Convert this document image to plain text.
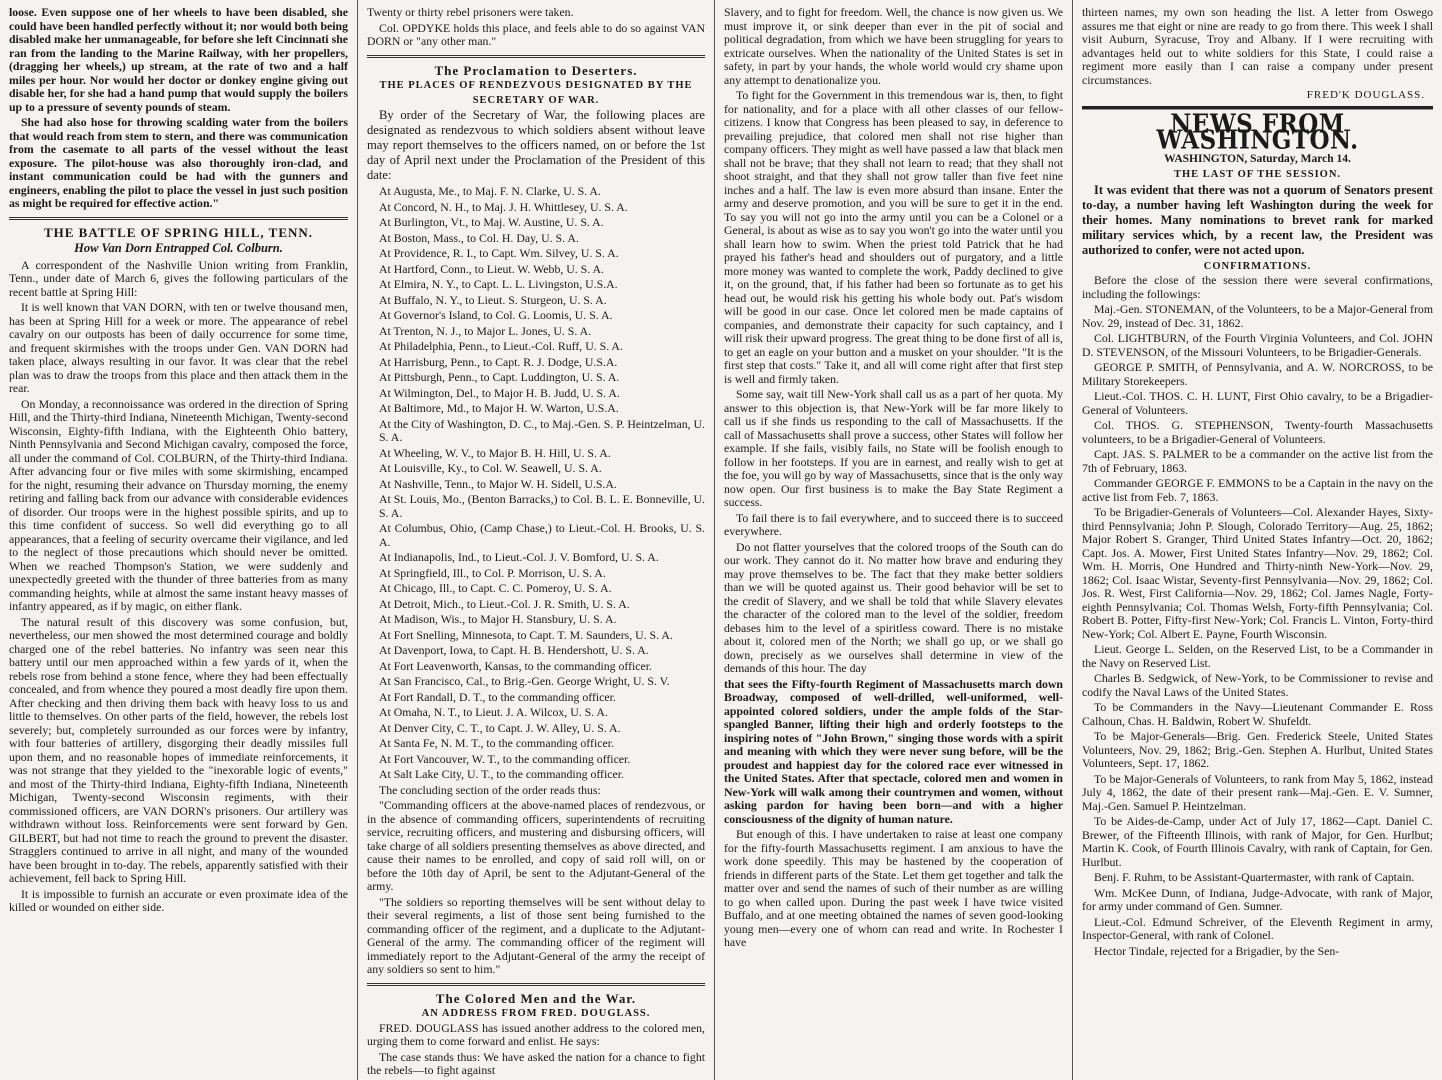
loose. Even suppose one of her wheels to have been disabled, she could have been handled perfectly without it; nor would both being disabled make her unmanageable, for before she left Cincinnati she ran from the landing to the Marine Railway, with her propellers, (dragging her wheels,) up stream, at the rate of two and a half miles per hour. Nor would her doctor or donkey engine giving out disable her, for she had a hand pump that would supply the boilers up to a pressure of seventy pounds of steam.

She had also hose for throwing scalding water from the boilers that would reach from stem to stern, and there was communication from the casemate to all parts of the vessel without the least exposure. The pilot-house was also thoroughly iron-clad, and instant communication could be had with the gunners and engineers, enabling the pilot to place the vessel in just such position as might be required for effective action."

THE BATTLE OF SPRING HILL, TENN.
How Van Dorn Entrapped Col. Colburn.

A correspondent of the Nashville Union writing from Franklin, Tenn., under date of March 6, gives the following particulars of the recent battle at Spring Hill:

It is well known that VAN DORN, with ten or twelve thousand men, has been at Spring Hill for a week or more. The appearance of rebel cavalry on our outposts has been of daily occurrence for some time, and frequent skirmishes with the troops under Gen. VAN DORN had taken place, always resulting in our favor. It was clear that the rebel plan was to draw the troops from this place and then attack them in the rear.

On Monday, a reconnoissance was ordered in the direction of Spring Hill, and the Thirty-third Indiana, Nineteenth Michigan, Twenty-second Wisconsin, Eighty-fifth Indiana, with the Eighteenth Ohio battery, Ninth Pennsylvania and Second Michigan cavalry, composed the force, all under the command of Col. COLBURN, of the Thirty-third Indiana. After advancing four or five miles with some skirmishing, encamped for the night, resuming their advance on Thursday morning, the enemy retiring and falling back from our advance with considerable evidences of disorder. Our troops were in the highest possible spirits, and up to this time confident of success. So well did everything go to all appearances, that a feeling of security overcame their vigilance, and led to the neglect of those precautions which should never be omitted. When we reached Thompson's Station, we were suddenly and unexpectedly greeted with the thunder of three batteries from as many commanding heights, while at almost the same instant heavy masses of infantry appeared, as if by magic, on either flank.

The natural result of this discovery was some confusion, but, nevertheless, our men showed the most determined courage and boldly charged one of the rebel batteries. No infantry was seen near this battery until our men approached within a few yards of it, when the rebels rose from behind a stone fence, where they had been effectually concealed, and from whence they poured a most deadly fire upon them. After checking and then driving them back with heavy loss to us and little to themselves. On other parts of the field, however, the rebels lost severely; but, completely surrounded as our forces were by infantry, with four batteries of artillery, disgorging their deadly missiles full upon them, and no reasonable hopes of immediate reinforcements, it was not strange that they yielded to the "inexorable logic of events," and most of the Thirty-third Indiana, Eighty-fifth Indiana, Nineteenth Michigan, Twenty-second Wisconsin regiments, with their commissioned officers, are VAN DORN's prisoners. Our artillery was withdrawn without loss. Reinforcements were sent forward by Gen. GILBERT, but had not time to reach the ground to prevent the disaster. Stragglers continued to arrive in all night, and many of the wounded have been brought in to-day. The rebels, apparently satisfied with their achievement, fell back to Spring Hill.

It is impossible to furnish an accurate or even proximate idea of the killed or wounded on either side.

Twenty or thirty rebel prisoners were taken.

Col. OPDYKE holds this place, and feels able to do so against VAN DORN or "any other man."

The Proclamation to Deserters.
THE PLACES OF RENDEZVOUS DESIGNATED BY THE
SECRETARY OF WAR.

By order of the Secretary of War, the following places are designated as rendezvous to which soldiers absent without leave may report themselves to the officers named, on or before the 1st day of April next under the Proclamation of the President of this date:

At Augusta, Me., to Maj. F. N. Clarke, U. S. A.

At Concord, N. H., to Maj. J. H. Whittlesey, U. S. A.

At Burlington, Vt., to Maj. W. Austine, U. S. A.

At Boston, Mass., to Col. H. Day, U. S. A.

At Providence, R. I., to Capt. Wm. Silvey, U. S. A.

At Hartford, Conn., to Lieut. W. Webb, U. S. A.

At Elmira, N. Y., to Capt. L. L. Livingston, U.S.A.

At Buffalo, N. Y., to Lieut. S. Sturgeon, U. S. A.

At Governor's Island, to Col. G. Loomis, U. S. A.

At Trenton, N. J., to Major L. Jones, U. S. A.

At Philadelphia, Penn., to Lieut.-Col. Ruff, U. S. A.

At Harrisburg, Penn., to Capt. R. J. Dodge, U.S.A.

At Pittsburgh, Penn., to Capt. Luddington, U. S. A.

At Wilmington, Del., to Major H. B. Judd, U. S. A.

At Baltimore, Md., to Major H. W. Warton, U.S.A.

At the City of Washington, D. C., to Maj.-Gen. S. P. Heintzelman, U. S. A.

At Wheeling, W. V., to Major B. H. Hill, U. S. A.

At Louisville, Ky., to Col. W. Seawell, U. S. A.

At Nashville, Tenn., to Major W. H. Sidell, U.S.A.

At St. Louis, Mo., (Benton Barracks,) to Col. B. L. E. Bonneville, U. S. A.

At Columbus, Ohio, (Camp Chase,) to Lieut.-Col. H. Brooks, U. S. A.

At Indianapolis, Ind., to Lieut.-Col. J. V. Bomford, U. S. A.

At Springfield, Ill., to Col. P. Morrison, U. S. A.

At Chicago, Ill., to Capt. C. C. Pomeroy, U. S. A.

At Detroit, Mich., to Lieut.-Col. J. R. Smith, U. S. A.

At Madison, Wis., to Major H. Stansbury, U. S. A.

At Fort Snelling, Minnesota, to Capt. T. M. Saunders, U. S. A.

At Davenport, Iowa, to Capt. H. B. Hendershott, U. S. A.

At Fort Leavenworth, Kansas, to the commanding officer.

At San Francisco, Cal., to Brig.-Gen. George Wright, U. S. V.

At Fort Randall, D. T., to the commanding officer.

At Omaha, N. T., to Lieut. J. A. Wilcox, U. S. A.

At Denver City, C. T., to Capt. J. W. Alley, U. S. A.

At Santa Fe, N. M. T., to the commanding officer.

At Fort Vancouver, W. T., to the commanding officer.

At Salt Lake City, U. T., to the commanding officer.

The concluding section of the order reads thus:

"Commanding officers at the above-named places of rendezvous, or in the absence of commanding officers, superintendents of recruiting service, recruiting officers, and mustering and disbursing officers, will take charge of all soldiers presenting themselves as above directed, and cause their names to be enrolled, and copy of said roll will, on or before the 10th day of April, be sent to the Adjutant-General of the army.

"The soldiers so reporting themselves will be sent without delay to their several regiments, a list of those sent being furnished to the commanding officer of the regiment, and a duplicate to the Adjutant-General of the army. The commanding officer of the regiment will immediately report to the Adjutant-General of the army the receipt of any soldiers so sent to him."

The Colored Men and the War.
AN ADDRESS FROM FRED. DOUGLASS.

FRED. DOUGLASS has issued another address to the colored men, urging them to come forward and enlist. He says:

The case stands thus: We have asked the nation for a chance to fight the rebels—to fight against

Slavery, and to fight for freedom. Well, the chance is now given us. We must improve it, or sink deeper than ever in the pit of social and political degradation, from which we have been struggling for years to extricate ourselves. When the nationality of the United States is set in safety, in part by your hands, the whole world would cry shame upon any attempt to denationalize you.

To fight for the Government in this tremendous war is, then, to fight for nationality, and for a place with all other classes of our fellow-citizens. I know that Congress has been pleased to say, in deference to prevailing prejudice, that colored men shall not rise higher than company officers. They might as well have passed a law that black men shall not be brave; that they shall not learn to read; that they shall not shoot straight, and that they shall not grow taller than five feet nine inches and a half. The law is even more absurd than insane. Enter the army and deserve promotion, and you will be sure to get it in the end. To say you will not go into the army until you can be a Colonel or a General, is about as wise as to say you won't go into the water until you shall learn how to swim. When the priest told Patrick that he had prayed his father's head and shoulders out of purgatory, and a little more money was wanted to complete the work, Paddy declined to give it, on the ground, that, if his father had been so fortunate as to get his head out, he would risk his getting his whole body out. Pat's wisdom will be good in our case. Once let colored men be made captains of companies, and demonstrate their capacity for such captaincy, and I will risk their upward progress. The great thing to be done first of all is, to get an eagle on your button and a musket on your shoulder. "It is the first step that costs." Take it, and all will come right after that first step is well and firmly taken.

Some say, wait till New-York shall call us as a part of her quota. My answer to this objection is, that New-York will be far more likely to call us if she finds us responding to the call of Massachusetts. If the call of Massachusetts shall prove a success, other States will follow her example. If she fails, visibly fails, no State will be foolish enough to follow in her footsteps. If you are in earnest, and really wish to get at the foe, you will go by way of Massachusetts, since that is the only way now open. Our first business is to make the Bay State Regiment a success.

To fail there is to fail everywhere, and to succeed there is to succeed everywhere.

Do not flatter yourselves that the colored troops of the South can do our work. They cannot do it. No matter how brave and enduring they may prove themselves to be. The fact that they make better soldiers than we will be quoted against us. Their good behavior will be set to the credit of Slavery, and we shall be told that while Slavery elevates the character of the colored man to the level of the soldier, freedom debases him to the level of a spiritless coward. There is no mistake about it, colored men of the North; we shall go up, or we shall go down, precisely as we ourselves shall determine in view of the demands of this hour. The day

that sees the Fifty-fourth Regiment of Massachusetts march down Broadway, composed of well-drilled, well-uniformed, well-appointed colored soldiers, under the ample folds of the Star-spangled Banner, lifting their high and orderly footsteps to the inspiring notes of "John Brown," singing those words with a spirit and meaning with which they were never sung before, will be the proudest and happiest day for the colored race ever witnessed in the United States. After that spectacle, colored men and women in New-York will walk among their countrymen and women, without asking pardon for having been born—and with a higher consciousness of the dignity of human nature.

But enough of this. I have undertaken to raise at least one company for the fifty-fourth Massachusetts regiment. I am anxious to have the work done speedily. This may be hastened by the cooperation of friends in different parts of the State. Let them get together and talk the matter over and send the names of such of their number as are willing to go when called upon. During the past week I have twice visited Buffalo, and at one meeting obtained the names of seven good-looking young men—every one of whom can read and write. In Rochester I have

thirteen names, my own son heading the list. A letter from Oswego assures me that eight or nine are ready to go from there. This week I shall visit Auburn, Syracuse, Troy and Albany. If I were recruiting with advantages held out to white soldiers for this State, I could raise a regiment more easily than I can raise a company under present circumstances.

FRED'K DOUGLASS.
NEWS FROM WASHINGTON.
WASHINGTON, Saturday, March 14.
THE LAST OF THE SESSION.

It was evident that there was not a quorum of Senators present to-day, a number having left Washington during the week for their homes. Many nominations to brevet rank for marked military services which, by a recent law, the President was authorized to confer, were not acted upon.

CONFIRMATIONS.

Before the close of the session there were several confirmations, including the followings:

Maj.-Gen. STONEMAN, of the Volunteers, to be a Major-General from Nov. 29, instead of Dec. 31, 1862.

Col. LIGHTBURN, of the Fourth Virginia Volunteers, and Col. JOHN D. STEVENSON, of the Missouri Volunteers, to be Brigadier-Generals.

GEORGE P. SMITH, of Pennsylvania, and A. W. NORCROSS, to be Military Storekeepers.

Lieut.-Col. THOS. C. H. LUNT, First Ohio cavalry, to be a Brigadier-General of Volunteers.

Col. THOS. G. STEPHENSON, Twenty-fourth Massachusetts volunteers, to be a Brigadier-General of Volunteers.

Capt. JAS. S. PALMER to be a commander on the active list from the 7th of February, 1863.

Commander GEORGE F. EMMONS to be a Captain in the navy on the active list from Feb. 7, 1863.

To be Brigadier-Generals of Volunteers—Col. Alexander Hayes, Sixty-third Pennsylvania; John P. Slough, Colorado Territory—Aug. 25, 1862; Major Robert S. Granger, Third United States Infantry—Oct. 20, 1862; Capt. Jos. A. Mower, First United States Infantry—Nov. 29, 1862; Col. Wm. H. Morris, One Hundred and Thirty-ninth New-York—Nov. 29, 1862; Col. Isaac Wistar, Seventy-first Pennsylvania—Nov. 29, 1862; Col. Jos. R. West, First California—Nov. 29, 1862; Col. James Nagle, Forty-eighth Pennsylvania; Col. Thomas Welsh, Forty-fifth Pennsylvania; Col. Robert B. Potter, Fifty-first New-York; Col. Francis L. Vinton, Forty-third New-York; Col. Albert E. Payne, Fourth Wisconsin.

Lieut. George L. Selden, on the Reserved List, to be a Commander in the Navy on Reserved List.

Charles B. Sedgwick, of New-York, to be Commissioner to revise and codify the Naval Laws of the United States.

To be Commanders in the Navy—Lieutenant Commander E. Ross Calhoun, Chas. H. Baldwin, Robert W. Shufeldt.

To be Major-Generals—Brig. Gen. Frederick Steele, United States Volunteers, Nov. 29, 1862; Brig.-Gen. Stephen A. Hurlbut, United States Volunteers, Sept. 17, 1862.

To be Major-Generals of Volunteers, to rank from May 5, 1862, instead July 4, 1862, the date of their present rank—Maj.-Gen. E. V. Sumner, Maj.-Gen. Samuel P. Heintzelman.

To be Aides-de-Camp, under Act of July 17, 1862—Capt. Daniel C. Brewer, of the Fifteenth Illinois, with rank of Major, for Gen. Hurlbut; Martin K. Cook, of Fourth Illinois Cavalry, with rank of Captain, for Gen. Hurlbut.

Benj. F. Ruhm, to be Assistant-Quartermaster, with rank of Captain.

Wm. McKee Dunn, of Indiana, Judge-Advocate, with rank of Major, for army under command of Gen. Sumner.

Lieut.-Col. Edmund Schreiver, of the Eleventh Regiment in army, Inspector-General, with rank of Colonel.

Hector Tindale, rejected for a Brigadier, by the Sen-
